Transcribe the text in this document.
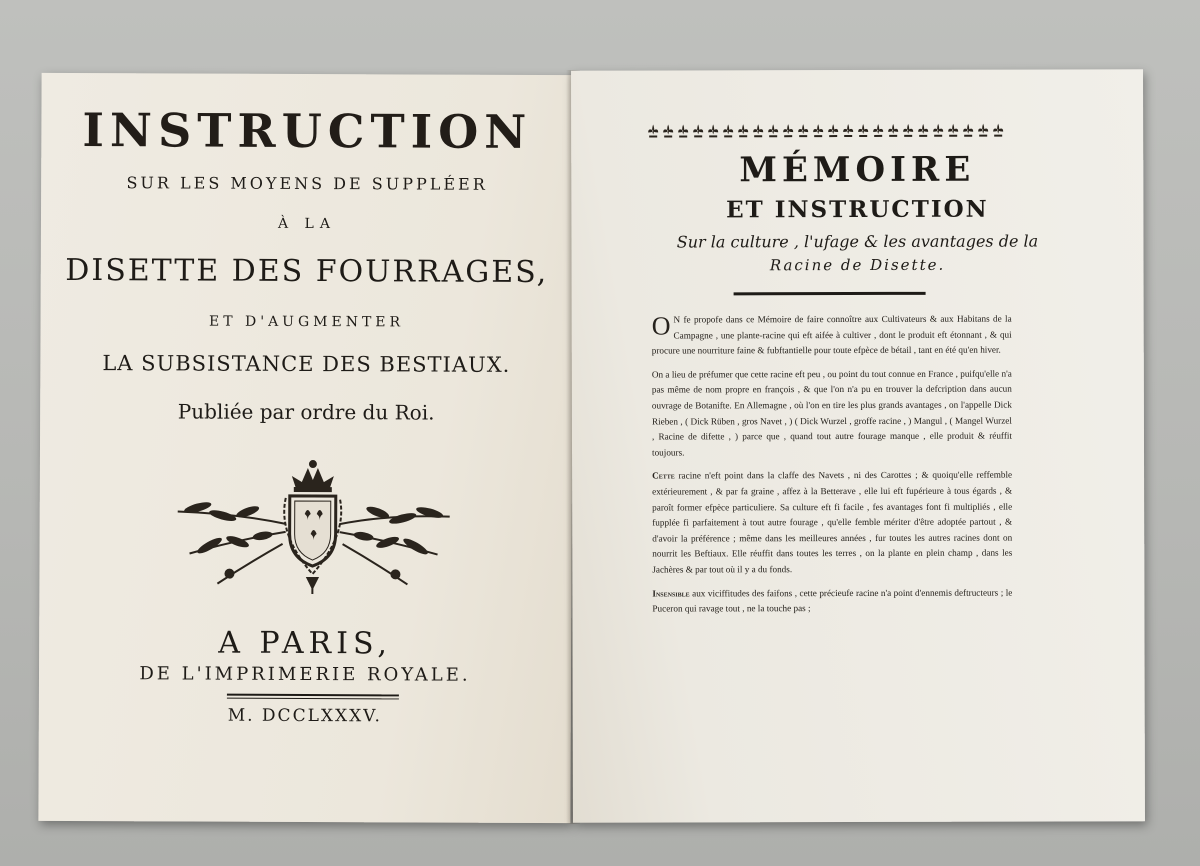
INSTRUCTION
SUR LES MOYENS DE SUPPLÉER
À LA
DISETTE DES FOURRAGES,
ET D'AUGMENTER
LA SUBSISTANCE DES BESTIAUX.
Publiée par ordre du Roi.
A PARIS,
DE L'IMPRIMERIE ROYALE.
M. DCCLXXXV.
MÉMOIRE
ET INSTRUCTION
Sur la culture , l'ufage & les avantages de la
Racine de Disette.

O N fe propofe dans ce Mémoire de faire connoître aux Cultivateurs & aux Habitans de la Campagne , une plante-racine qui eft aifée à cultiver , dont le produit eft étonnant , & qui procure une nourriture faine & fubftantielle pour toute efpèce de bétail , tant en été qu'en hiver.

On a lieu de préfumer que cette racine eft peu , ou point du tout connue en France , puifqu'elle n'a pas même de nom propre en françois , & que l'on n'a pu en trouver la defcription dans aucun ouvrage de Botanifte. En Allemagne , où l'on en tire les plus grands avantages , on l'appelle Dick Rieben , ( Dick Rüben , gros Navet , ) ( Dick Wurzel , groffe racine , ) Mangul , ( Mangel Wurzel , Racine de difette , ) parce que , quand tout autre fourage manque , elle produit & réuffit toujours.

Cette racine n'eft point dans la claffe des Navets , ni des Carottes ; & quoiqu'elle reffemble extérieurement , & par fa graine , affez à la Betterave , elle lui eft fupérieure à tous égards , & paroît former efpèce particuliere. Sa culture eft fi facile , fes avantages font fi multipliés , elle fupplée fi parfaitement à tout autre fourage , qu'elle femble mériter d'être adoptée partout , & d'avoir la préférence ; même dans les meilleures années , fur toutes les autres racines dont on nourrit les Beftiaux. Elle réuffit dans toutes les terres , on la plante en plein champ , dans les Jachères & par tout où il y a du fonds.

Insensible aux viciffitudes des faifons , cette précieufe racine n'a point d'ennemis deftructeurs ; le Puceron qui ravage tout , ne la touche pas ;
